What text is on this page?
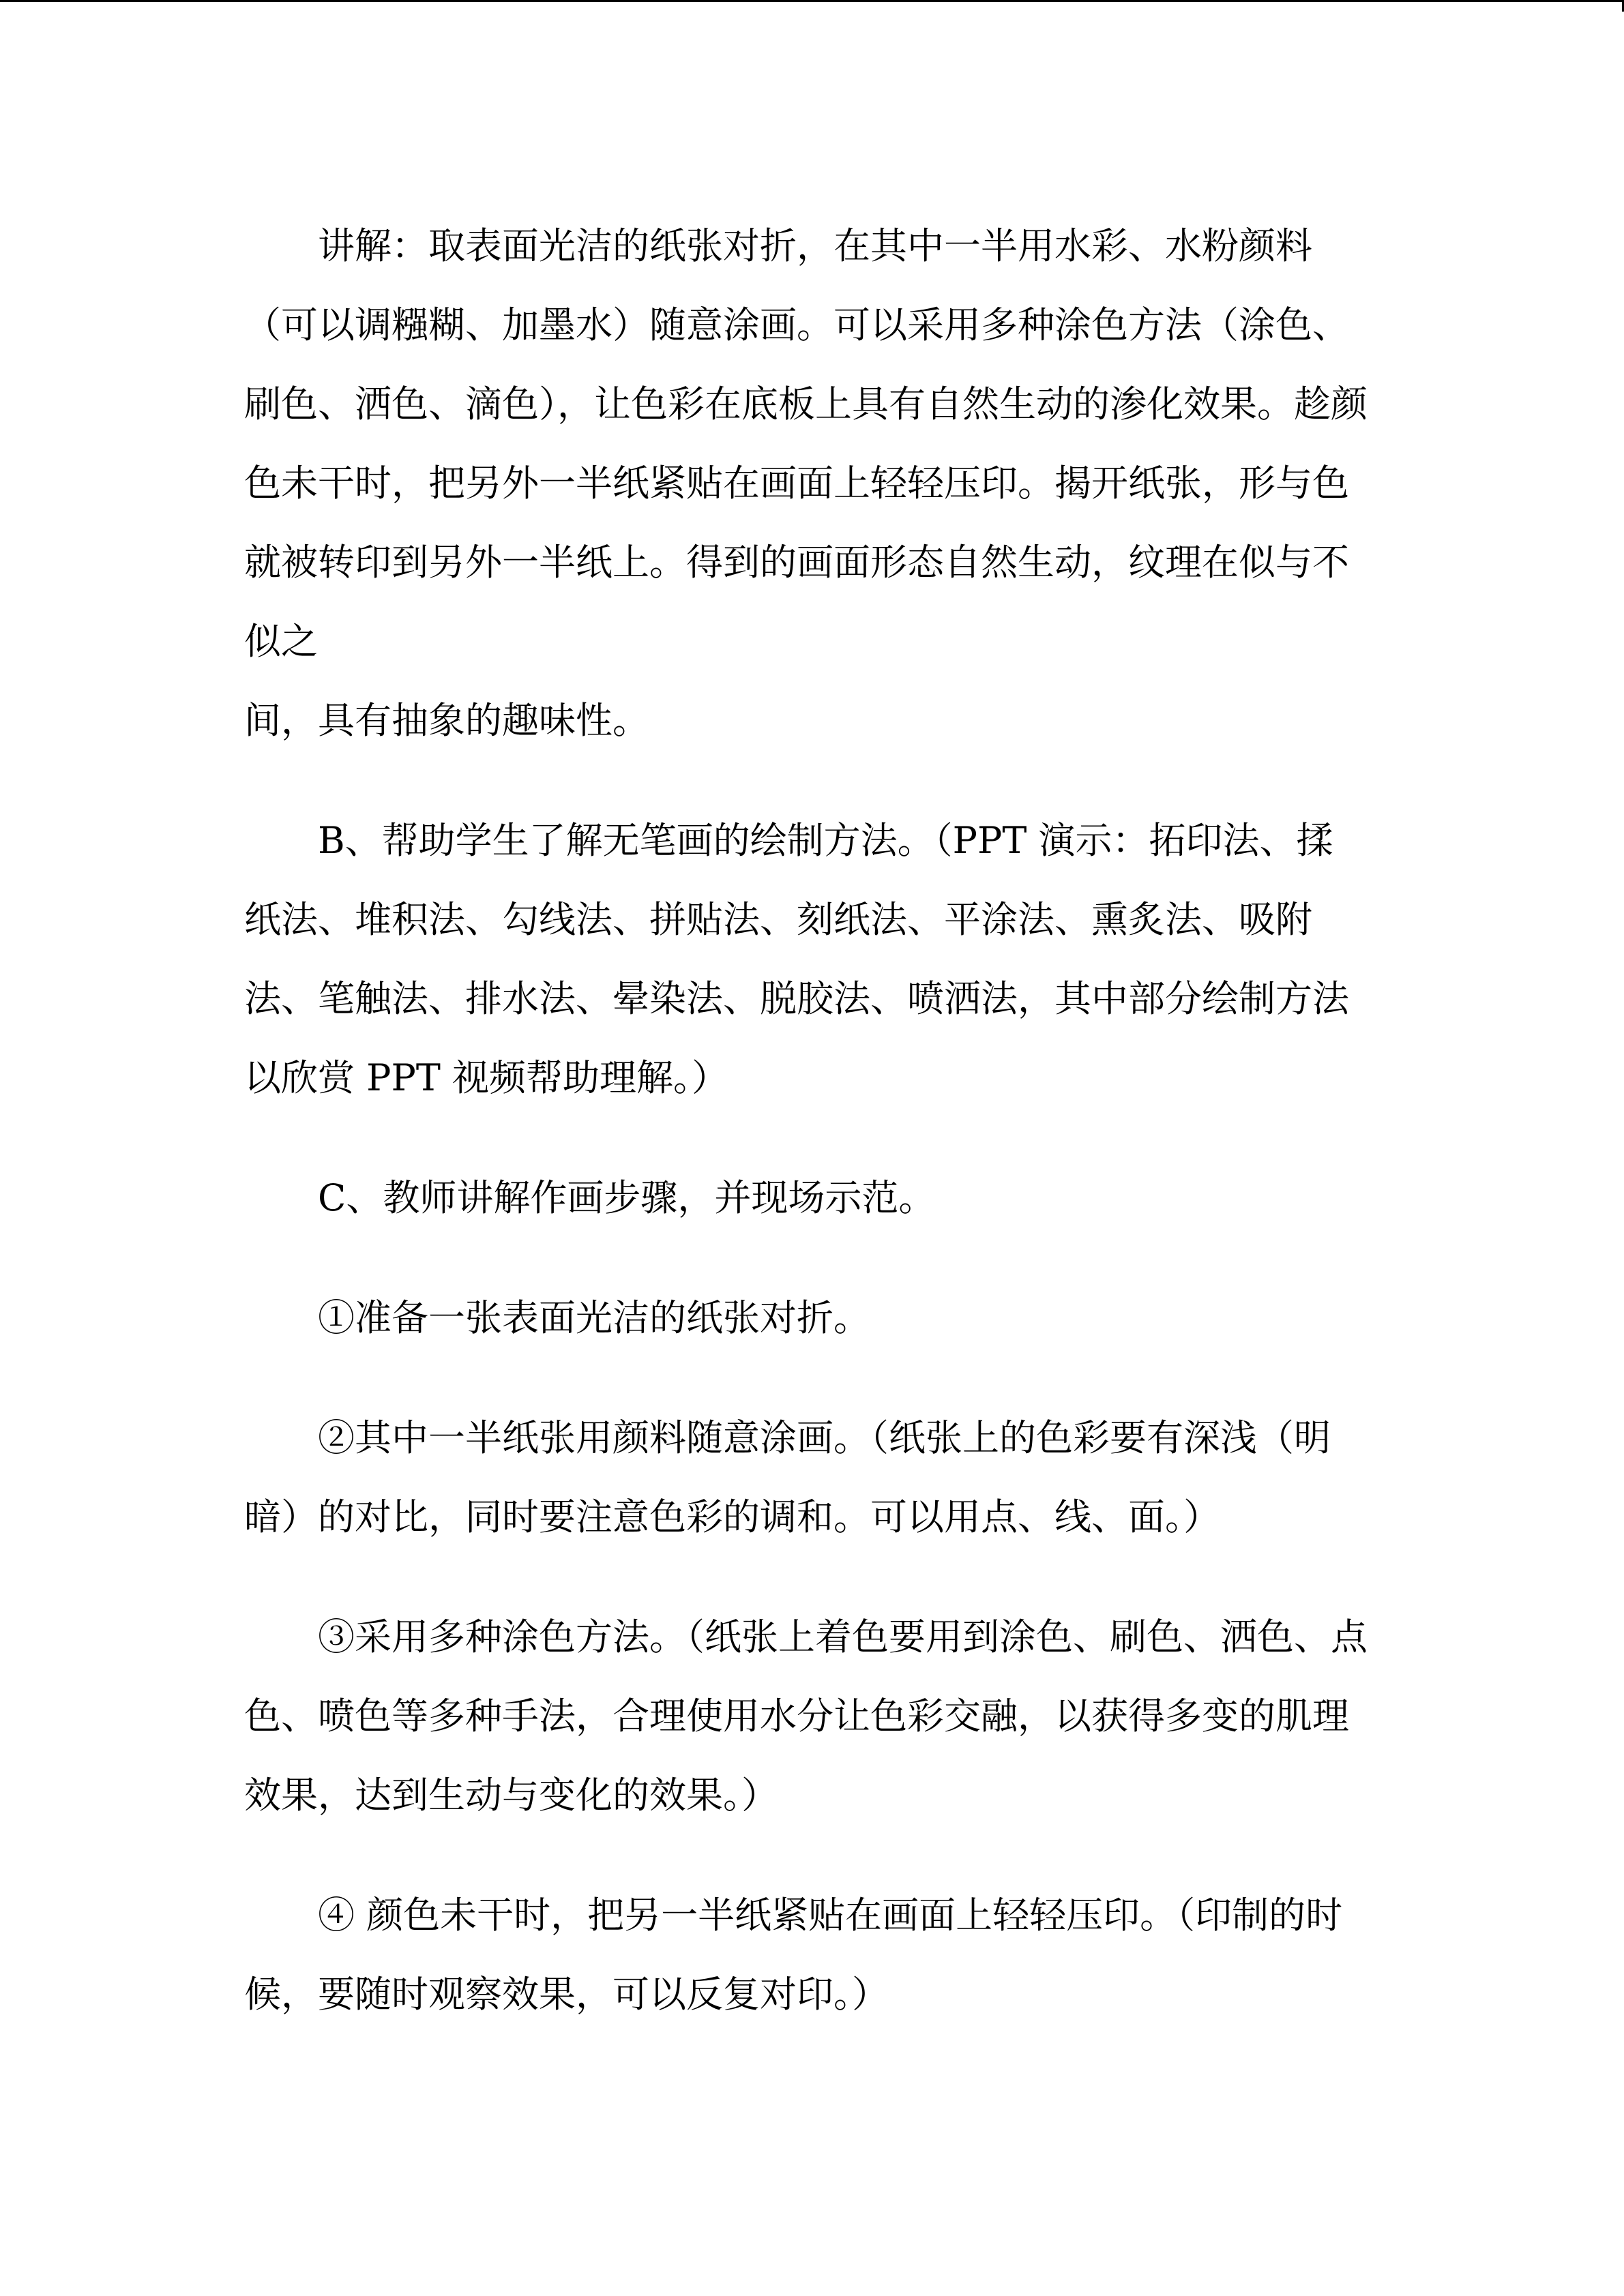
讲解：取表面光洁的纸张对折，在其中一半用水彩、水粉颜料（可以调糨糊、加墨水）随意涂画。可以采用多种涂色方法（涂色、刷色、洒色、滴色），让色彩在底板上具有自然生动的渗化效果。趁颜色未干时，把另外一半纸紧贴在画面上轻轻压印。揭开纸张，形与色就被转印到另外一半纸上。得到的画面形态自然生动，纹理在似与不似之

间，具有抽象的趣味性。

B、帮助学生了解无笔画的绘制方法。（PPT 演示：拓印法、揉纸法、堆积法、勾线法、拼贴法、刻纸法、平涂法、熏炙法、吸附法、笔触法、排水法、晕染法、脱胶法、喷洒法，其中部分绘制方法以欣赏 PPT 视频帮助理解。）

C、教师讲解作画步骤，并现场示范。

①准备一张表面光洁的纸张对折。

②其中一半纸张用颜料随意涂画。（纸张上的色彩要有深浅（明暗）的对比，同时要注意色彩的调和。可以用点、线、面。）

③采用多种涂色方法。（纸张上着色要用到涂色、刷色、洒色、点色、喷色等多种手法，合理使用水分让色彩交融，以获得多变的肌理效果，达到生动与变化的效果。）

④ 颜色未干时，把另一半纸紧贴在画面上轻轻压印。（印制的时候，要随时观察效果，可以反复对印。）
